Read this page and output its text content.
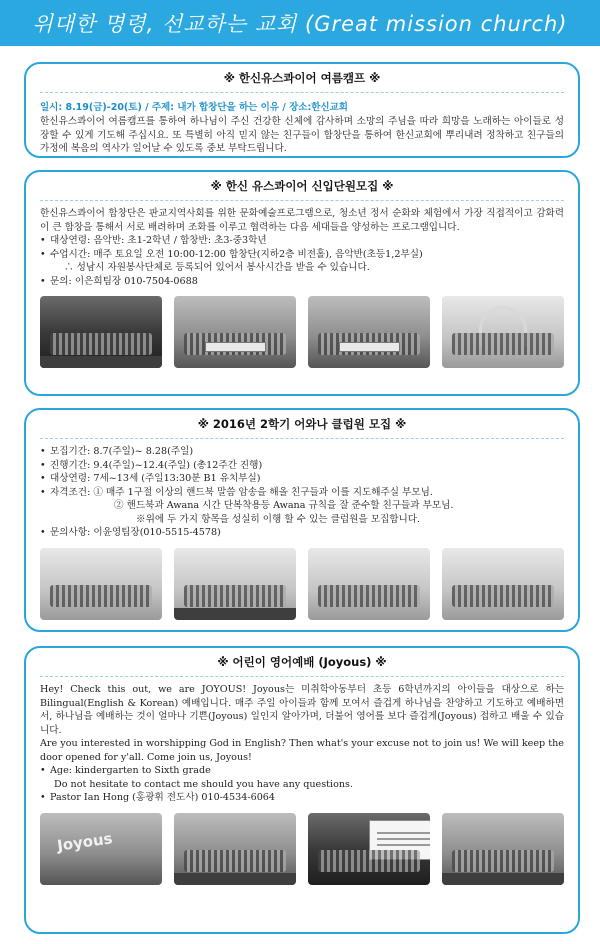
위대한 명령, 선교하는 교회 (Great mission church)
※ 한신유스콰이어 여름캠프 ※
일시: 8.19(금)-20(토) / 주제: 내가 합창단을 하는 이유 / 장소:한신교회

한신유스콰이어 여름캠프를 통하여 하나님이 주신 건강한 신체에 감사하며 소망의 주님을 따라 희망을 노래하는 아이들로 성장할 수 있게 기도해 주십시요. 또 특별히 아직 믿지 않는 친구들이 합창단을 통하여 한신교회에 뿌리내려 정착하고 친구들의 가정에 복음의 역사가 일어날 수 있도록 중보 부탁드립니다.

※ 한신 유스콰이어 신입단원모집 ※

한신유스콰이어 합창단은 판교지역사회를 위한 문화예술프로그램으로, 청소년 정서 순화와 체험에서 가장 직접적이고 감화력이 큰 합창을 통해서 서로 배려하며 조화를 이루고 협력하는 다음 세대들을 양성하는 프로그램입니다.

• 대상연령: 음악반: 초1-2학년 / 합창반: 초3-중3학년
• 수업시간: 매주 토요일 오전 10:00-12:00 합창단(지하2층 비전홀), 음악반(초등1,2부실)
∴ 성남시 자원봉사단체로 등록되어 있어서 봉사시간을 받을 수 있습니다.
• 문의: 이은희팀장 010-7504-0688
※ 2016년 2학기 어와나 클럽원 모집 ※
• 모집기간: 8.7(주일)~ 8.28(주일)
• 진행기간: 9.4(주일)~12.4(주일) (총12주간 진행)
• 대상연령: 7세~13세 (주일13:30분 B1 유치부실)
• 자격조건: ① 매주 1구절 이상의 핸드북 말씀 암송을 해올 친구들과 이를 지도해주실 부모님.
② 핸드북과 Awana 시간 단복착용등 Awana 규칙을 잘 준수할 친구들과 부모님.
※위에 두 가지 항목을 성실히 이행 할 수 있는 클럽원을 모집합니다.
• 문의사항: 이윤영팀장(010-5515-4578)
※ 어린이 영어예배 (Joyous) ※

Hey! Check this out, we are JOYOUS! Joyous는 미취학아동부터 초등 6학년까지의 아이들을 대상으로 하는 Bilingual(English & Korean) 예배입니다. 매주 주일 아이들과 함께 모여서 즐겁게 하나님을 찬양하고 기도하고 예배하면서, 하나님을 예배하는 것이 얼마나 기쁜(Joyous) 일인지 알아가며, 더불어 영어를 보다 즐겁게(Joyous) 접하고 배울 수 있습니다.

Are you interested in worshipping God in English? Then what's your excuse not to join us! We will keep the door opened for y'all. Come join us, Joyous!

• Age: kindergarten to Sixth grade
Do not hesitate to contact me should you have any questions.
• Pastor Ian Hong (홍광휘 전도사) 010-4534-6064
Joyous
